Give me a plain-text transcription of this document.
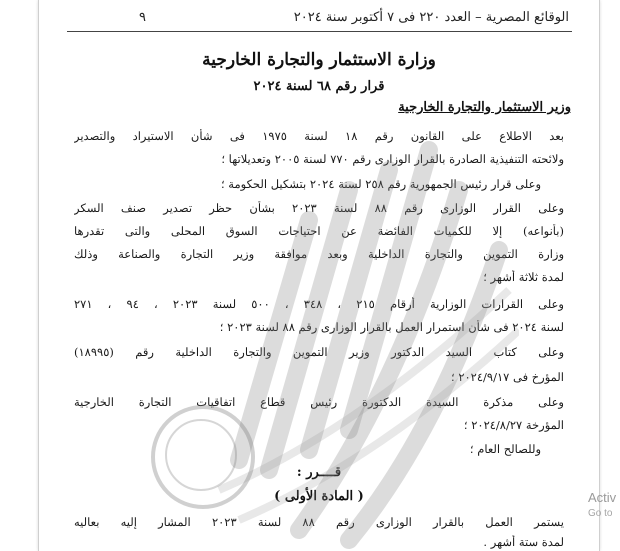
الوقائع المصرية – العدد ٢٢٠ فى ٧ أكتوبر سنة ٢٠٢٤
٩
وزارة الاستثمار والتجارة الخارجية
قرار رقم ٦٨ لسنة ٢٠٢٤
وزير الاستثمار والتجارة الخارجية
بعد الاطلاع على القانون رقم ١٨ لسنة ١٩٧٥ فى شأن الاستيراد والتصدير
ولائحته التنفيذية الصادرة بالقرار الوزارى رقم ٧٧٠ لسنة ٢٠٠٥ وتعديلاتها ؛
وعلى قرار رئيس الجمهورية رقم ٢٥٨ لسنة ٢٠٢٤ بتشكيل الحكومة ؛
وعلى القرار الوزارى رقم ٨٨ لسنة ٢٠٢٣ بشأن حظر تصدير صنف السكر
(بأنواعه) إلا للكميات الفائضة عن احتياجات السوق المحلى والتى تقدرها
وزارة التموين والتجارة الداخلية وبعد موافقة وزير التجارة والصناعة وذلك
لمدة ثلاثة أشهر ؛
وعلى القرارات الوزارية أرقام ٢١٥ ، ٣٤٨ ، ٥٠٠ لسنة ٢٠٢٣ ، ٩٤ ، ٢٧١
لسنة ٢٠٢٤ فى شأن استمرار العمل بالقرار الوزارى رقم ٨٨ لسنة ٢٠٢٣ ؛
وعلى كتاب السيد الدكتور وزير التموين والتجارة الداخلية رقم (١٨٩٩٥)
المؤرخ فى ٢٠٢٤/٩/١٧ ؛
وعلى مذكرة السيدة الدكتورة رئيس قطاع اتفاقيات التجارة الخارجية
المؤرخة ٢٠٢٤/٨/٢٧ ؛
وللصالح العام ؛
قــــرر :
( المادة الأولى )
يستمر العمل بالقرار الوزارى رقم ٨٨ لسنة ٢٠٢٣ المشار إليه بعاليه
لمدة ستة أشهر .
Activ
Go to
